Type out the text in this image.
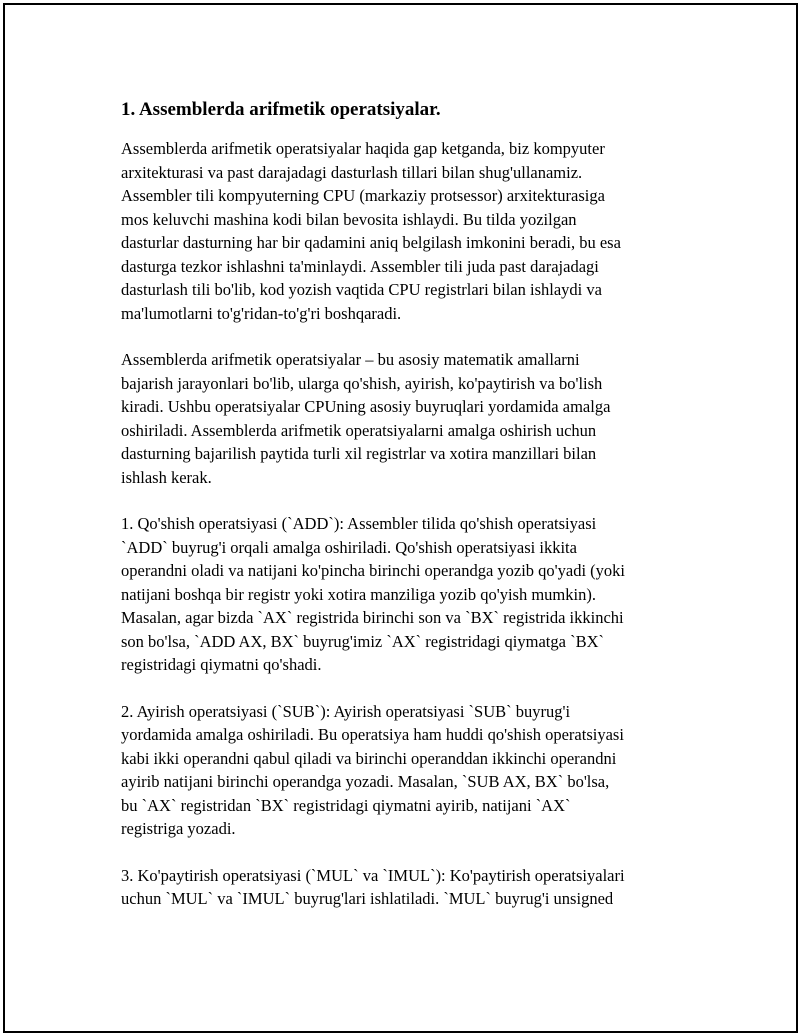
1. Assemblerda arifmetik operatsiyalar.
Assemblerda arifmetik operatsiyalar haqida gap ketganda, biz kompyuter
arxitekturasi va past darajadagi dasturlash tillari bilan shug'ullanamiz.
Assembler tili kompyuterning CPU (markaziy protsessor) arxitekturasiga
mos keluvchi mashina kodi bilan bevosita ishlaydi. Bu tilda yozilgan
dasturlar dasturning har bir qadamini aniq belgilash imkonini beradi, bu esa
dasturga tezkor ishlashni ta'minlaydi. Assembler tili juda past darajadagi
dasturlash tili bo'lib, kod yozish vaqtida CPU registrlari bilan ishlaydi va
ma'lumotlarni to'g'ridan-to'g'ri boshqaradi.
Assemblerda arifmetik operatsiyalar – bu asosiy matematik amallarni
bajarish jarayonlari bo'lib, ularga qo'shish, ayirish, ko'paytirish va bo'lish
kiradi. Ushbu operatsiyalar CPUning asosiy buyruqlari yordamida amalga
oshiriladi. Assemblerda arifmetik operatsiyalarni amalga oshirish uchun
dasturning bajarilish paytida turli xil registrlar va xotira manzillari bilan
ishlash kerak.
1. Qo'shish operatsiyasi (`ADD`): Assembler tilida qo'shish operatsiyasi
`ADD` buyrug'i orqali amalga oshiriladi. Qo'shish operatsiyasi ikkita
operandni oladi va natijani ko'pincha birinchi operandga yozib qo'yadi (yoki
natijani boshqa bir registr yoki xotira manziliga yozib qo'yish mumkin).
Masalan, agar bizda `AX` registrida birinchi son va `BX` registrida ikkinchi
son bo'lsa, `ADD AX, BX` buyrug'imiz `AX` registridagi qiymatga `BX`
registridagi qiymatni qo'shadi.
2. Ayirish operatsiyasi (`SUB`): Ayirish operatsiyasi `SUB` buyrug'i
yordamida amalga oshiriladi. Bu operatsiya ham huddi qo'shish operatsiyasi
kabi ikki operandni qabul qiladi va birinchi operanddan ikkinchi operandni
ayirib natijani birinchi operandga yozadi. Masalan, `SUB AX, BX` bo'lsa,
bu `AX` registridan `BX` registridagi qiymatni ayirib, natijani `AX`
registriga yozadi.
3. Ko'paytirish operatsiyasi (`MUL` va `IMUL`): Ko'paytirish operatsiyalari
uchun `MUL` va `IMUL` buyrug'lari ishlatiladi. `MUL` buyrug'i unsigned
